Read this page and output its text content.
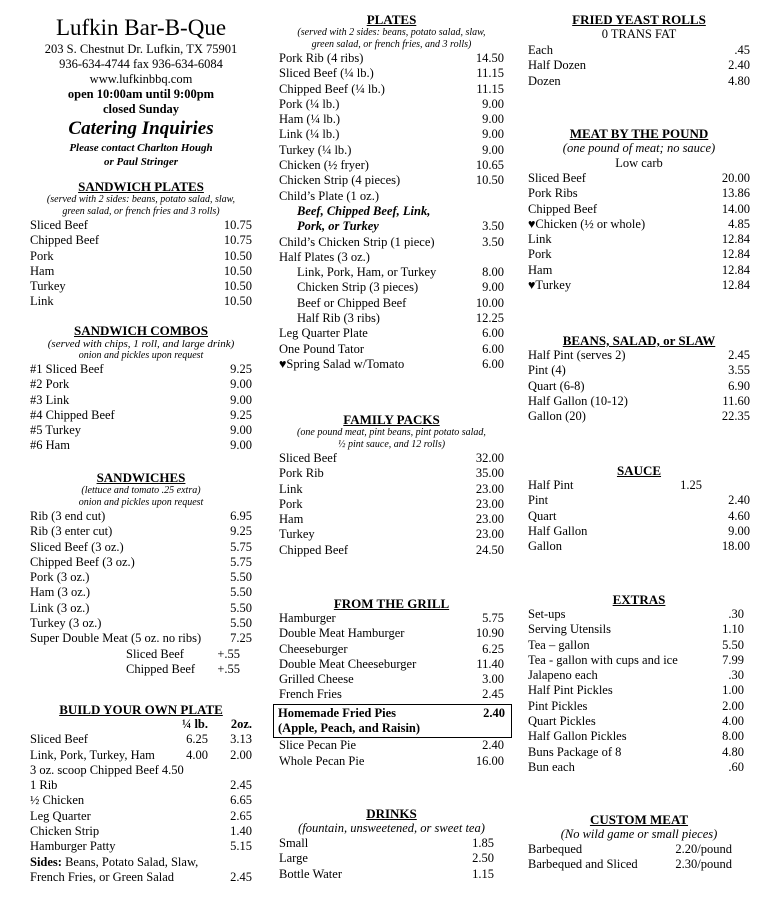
Lufkin Bar-B-Que
203 S. Chestnut Dr. Lufkin, TX 75901
936-634-4744 fax 936-634-6084
www.lufkinbbq.com
open 10:00am until 9:00pm
closed Sunday
Catering Inquiries
Please contact Charlton Hough
or Paul Stringer
SANDWICH PLATES
(served with 2 sides: beans, potato salad, slaw,
green salad, or french fries and 3 rolls)
Sliced Beef	10.75
Chipped Beef	10.75
Pork	10.50
Ham	10.50
Turkey	10.50
Link	10.50
SANDWICH COMBOS
(served with chips, 1 roll, and large drink)
onion and pickles upon request
#1 Sliced Beef	9.25
#2 Pork	9.00
#3 Link	9.00
#4 Chipped Beef	9.25
#5 Turkey	9.00
#6 Ham	9.00
SANDWICHES
(lettuce and tomato .25 extra)
onion and pickles upon request
Rib (3 end cut)	6.95
Rib (3 enter cut)	9.25
Sliced Beef (3 oz.)	5.75
Chipped Beef (3 oz.)	5.75
Pork (3 oz.)	5.50
Ham (3 oz.)	5.50
Link (3 oz.)	5.50
Turkey (3 oz.)	5.50
Super Double Meat (5 oz. no ribs) 7.25
Sliced Beef	+.55
Chipped Beef +.55
BUILD YOUR OWN PLATE
¼ lb. 2oz.
Sliced Beef	6.25 3.13
Link, Pork, Turkey, Ham	4.00 2.00
3 oz. scoop Chipped Beef 4.50
1 Rib	2.45
½ Chicken	6.65
Leg Quarter	2.65
Chicken Strip	1.40
Hamburger Patty	5.15
Sides: Beans, Potato Salad, Slaw,
French Fries, or Green Salad	2.45
PLATES
(served with 2 sides: beans, potato salad, slaw,
green salad, or french fries, and 3 rolls)
Pork Rib (4 ribs)	14.50
Sliced Beef (¼ lb.)	11.15
Chipped Beef (¼ lb.)	11.15
Pork (¼ lb.)	9.00
Ham (¼ lb.)	9.00
Link (¼ lb.)	9.00
Turkey (¼ lb.)	9.00
Chicken (½ fryer)	10.65
Chicken Strip (4 pieces)	10.50
Child’s Plate (1 oz.)
Beef, Chipped Beef, Link,
Pork, or Turkey	3.50
Child’s Chicken Strip (1 piece)	3.50
Half Plates (3 oz.)
Link, Pork, Ham, or Turkey	8.00
Chicken Strip (3 pieces)	9.00
Beef or Chipped Beef	10.00
Half Rib (3 ribs)	12.25
Leg Quarter Plate	6.00
One Pound Tator	6.00
♥Spring Salad w/Tomato	6.00
FAMILY PACKS
(one pound meat, pint beans, pint potato salad,
½ pint sauce, and 12 rolls)
Sliced Beef	32.00
Pork Rib	35.00
Link	23.00
Pork	23.00
Ham	23.00
Turkey	23.00
Chipped Beef	24.50
FROM THE GRILL
Hamburger	5.75
Double Meat Hamburger	10.90
Cheeseburger	6.25
Double Meat Cheeseburger	11.40
Grilled Cheese	3.00
French Fries	2.45
Homemade Fried Pies	2.40
(Apple, Peach, and Raisin)
Slice Pecan Pie	2.40
Whole Pecan Pie	16.00
DRINKS
(fountain, unsweetened, or sweet tea)
Small	1.85
Large	2.50
Bottle Water	1.15
FRIED YEAST ROLLS
0 TRANS FAT
Each	.45
Half Dozen	2.40
Dozen	4.80
MEAT BY THE POUND
(one pound of meat; no sauce)
Low carb
Sliced Beef	20.00
Pork Ribs	13.86
Chipped Beef	14.00
♥Chicken (½ or whole)	4.85
Link	12.84
Pork	12.84
Ham	12.84
♥Turkey	12.84
BEANS, SALAD, or SLAW
Half Pint (serves 2)	2.45
Pint (4)	3.55
Quart (6-8)	6.90
Half Gallon (10-12)	11.60
Gallon (20)	22.35
SAUCE
Half Pint	1.25
Pint	2.40
Quart	4.60
Half Gallon	9.00
Gallon	18.00
EXTRAS
Set-ups	.30
Serving Utensils	1.10
Tea – gallon	5.50
Tea - gallon with cups and ice	7.99
Jalapeno each	.30
Half Pint Pickles	1.00
Pint Pickles	2.00
Quart Pickles	4.00
Half Gallon Pickles	8.00
Buns Package of 8	4.80
Bun each	.60
CUSTOM MEAT
(No wild game or small pieces)
Barbequed	2.20/pound
Barbequed and Sliced	2.30/pound
